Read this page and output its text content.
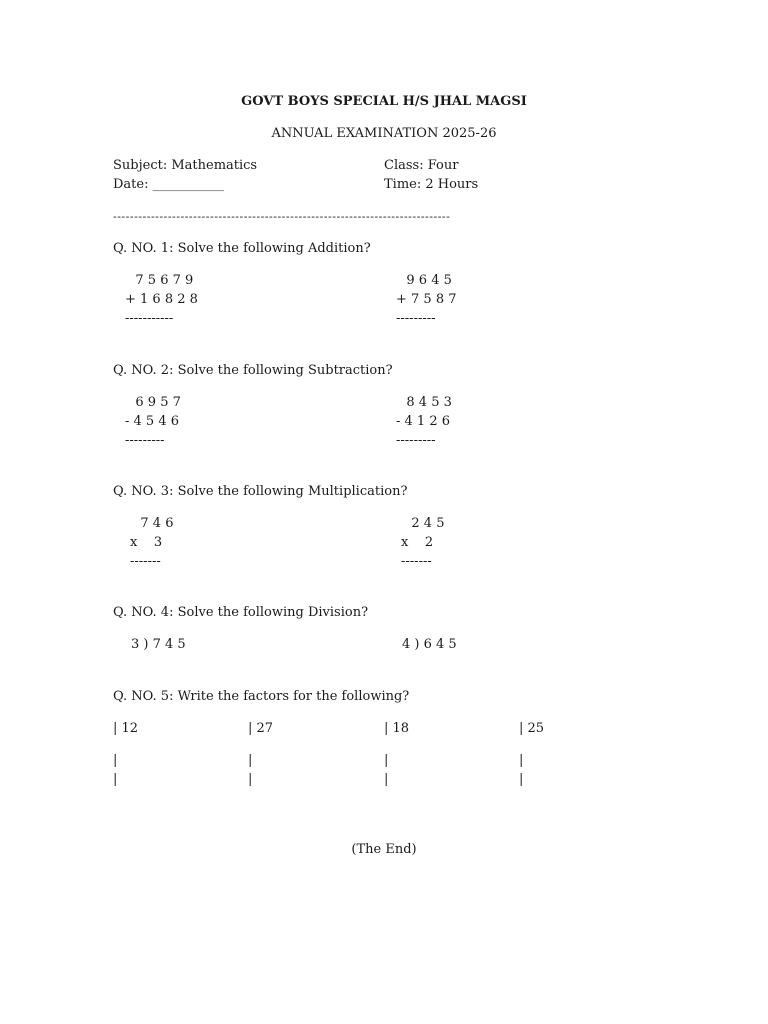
GOVT BOYS SPECIAL H/S JHAL MAGSI
ANNUAL EXAMINATION 2025-26
Subject: Mathematics	Class: Four
Date: ___________	Time: 2 Hours
--------------------------------------------------------------------------------
Q. NO. 1: Solve the following Addition?
7 5 6 7 9
+ 1 6 8 2 8
-----------
9 6 4 5
+ 7 5 8 7
---------
Q. NO. 2: Solve the following Subtraction?
6 9 5 7
- 4 5 4 6
---------
8 4 5 3
- 4 1 2 6
---------
Q. NO. 3: Solve the following Multiplication?
7 4 6
x    3
-------
2 4 5
x    2
-------
Q. NO. 4: Solve the following Division?
3 ) 7 4 5	4 ) 6 4 5
Q. NO. 5: Write the factors for the following?
| 12	| 27	| 18	| 25
|	|	|	|
|	|	|	|
(The End)
